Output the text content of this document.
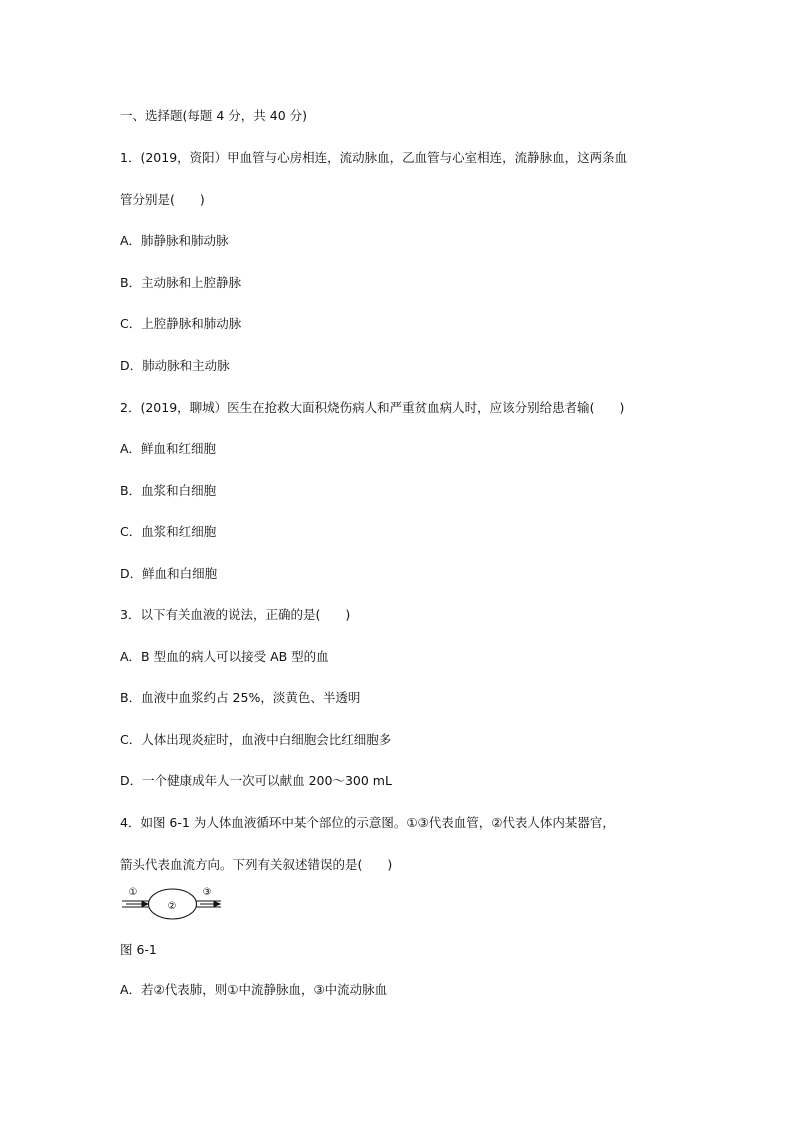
一、选择题(每题 4 分，共 40 分)
1．(2019，资阳）甲血管与心房相连，流动脉血，乙血管与心室相连，流静脉血，这两条血
管分别是(　　)
A．肺静脉和肺动脉
B．主动脉和上腔静脉
C．上腔静脉和肺动脉
D．肺动脉和主动脉
2．(2019，聊城）医生在抢救大面积烧伤病人和严重贫血病人时，应该分别给患者输(　　)
A．鲜血和红细胞
B．血浆和白细胞
C．血浆和红细胞
D．鲜血和白细胞
3．以下有关血液的说法，正确的是(　　)
A．B 型血的病人可以接受 AB 型的血
B．血液中血浆约占 25%，淡黄色、半透明
C．人体出现炎症时，血液中白细胞会比红细胞多
D．一个健康成年人一次可以献血 200～300 mL
4．如图 6-1 为人体血液循环中某个部位的示意图。①③代表血管，②代表人体内某器官，
箭头代表血流方向。下列有关叙述错误的是(　　)
①
②
③
图 6-1
A．若②代表肺，则①中流静脉血，③中流动脉血
